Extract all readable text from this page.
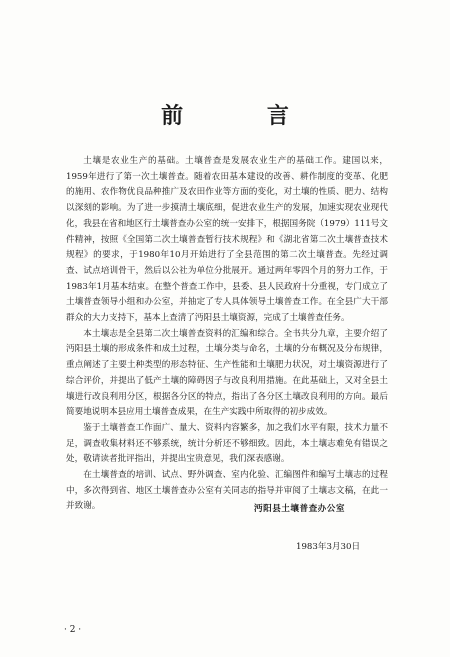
前 言

土壤是农业生产的基础。土壤普查是发展农业生产的基础工作。建国以来，1959年进行了第一次土壤普查。随着农田基本建设的改善、耕作制度的变革、化肥的施用、农作物优良品种推广及农田作业等方面的变化，对土壤的性质、肥力、结构以深刻的影响。为了进一步摸清土壤底细，促进农业生产的发展，加速实现农业现代化，我县在省和地区行土壤普查办公室的统一安排下，根据国务院（1979）111号文件精神，按照《全国第二次土壤普查暂行技术规程》和《湖北省第二次土壤普查技术规程》的要求，于1980年10月开始进行了全县范围的第二次土壤普查。先经过调查、试点培训骨干，然后以公社为单位分批展开。通过两年零四个月的努力工作，于1983年1月基本结束。在整个普查工作中，县委、县人民政府十分重视，专门成立了土壤普查领导小组和办公室，并抽定了专人具体领导土壤普查工作。在全县广大干部群众的大力支持下，基本上查清了沔阳县土壤资源，完成了土壤普查任务。

本土壤志是全县第二次土壤普查资料的汇编和综合。全书共分九章，主要介绍了沔阳县土壤的形成条件和成土过程，土壤分类与命名，土壤的分布概况及分布规律，重点阐述了主要土种类型的形态特征、生产性能和土壤肥力状况，对土壤资源进行了综合评价，并提出了低产土壤的障碍因子与改良利用措施。在此基础上，又对全县土壤进行改良利用分区，根据各分区的特点，指出了各分区土壤改良利用的方向。最后简要地说明本县应用土壤普查成果，在生产实践中所取得的初步成效。

鉴于土壤普查工作面广、量大、资料内容繁多，加之我们水平有限，技术力量不足，调查收集材料还不够系统，统计分析还不够细致。因此，本土壤志难免有错误之处，敬请读者批评指出，并提出宝贵意见，我们深表感谢。

在土壤普查的培训、试点、野外调查、室内化验、汇编图件和编写土壤志的过程中，多次得到省、地区土壤普查办公室有关同志的指导并审阅了土壤志文稿，在此一并致谢。	沔阳县土壤普查办公室
1983年3月30日
· 2 ·
